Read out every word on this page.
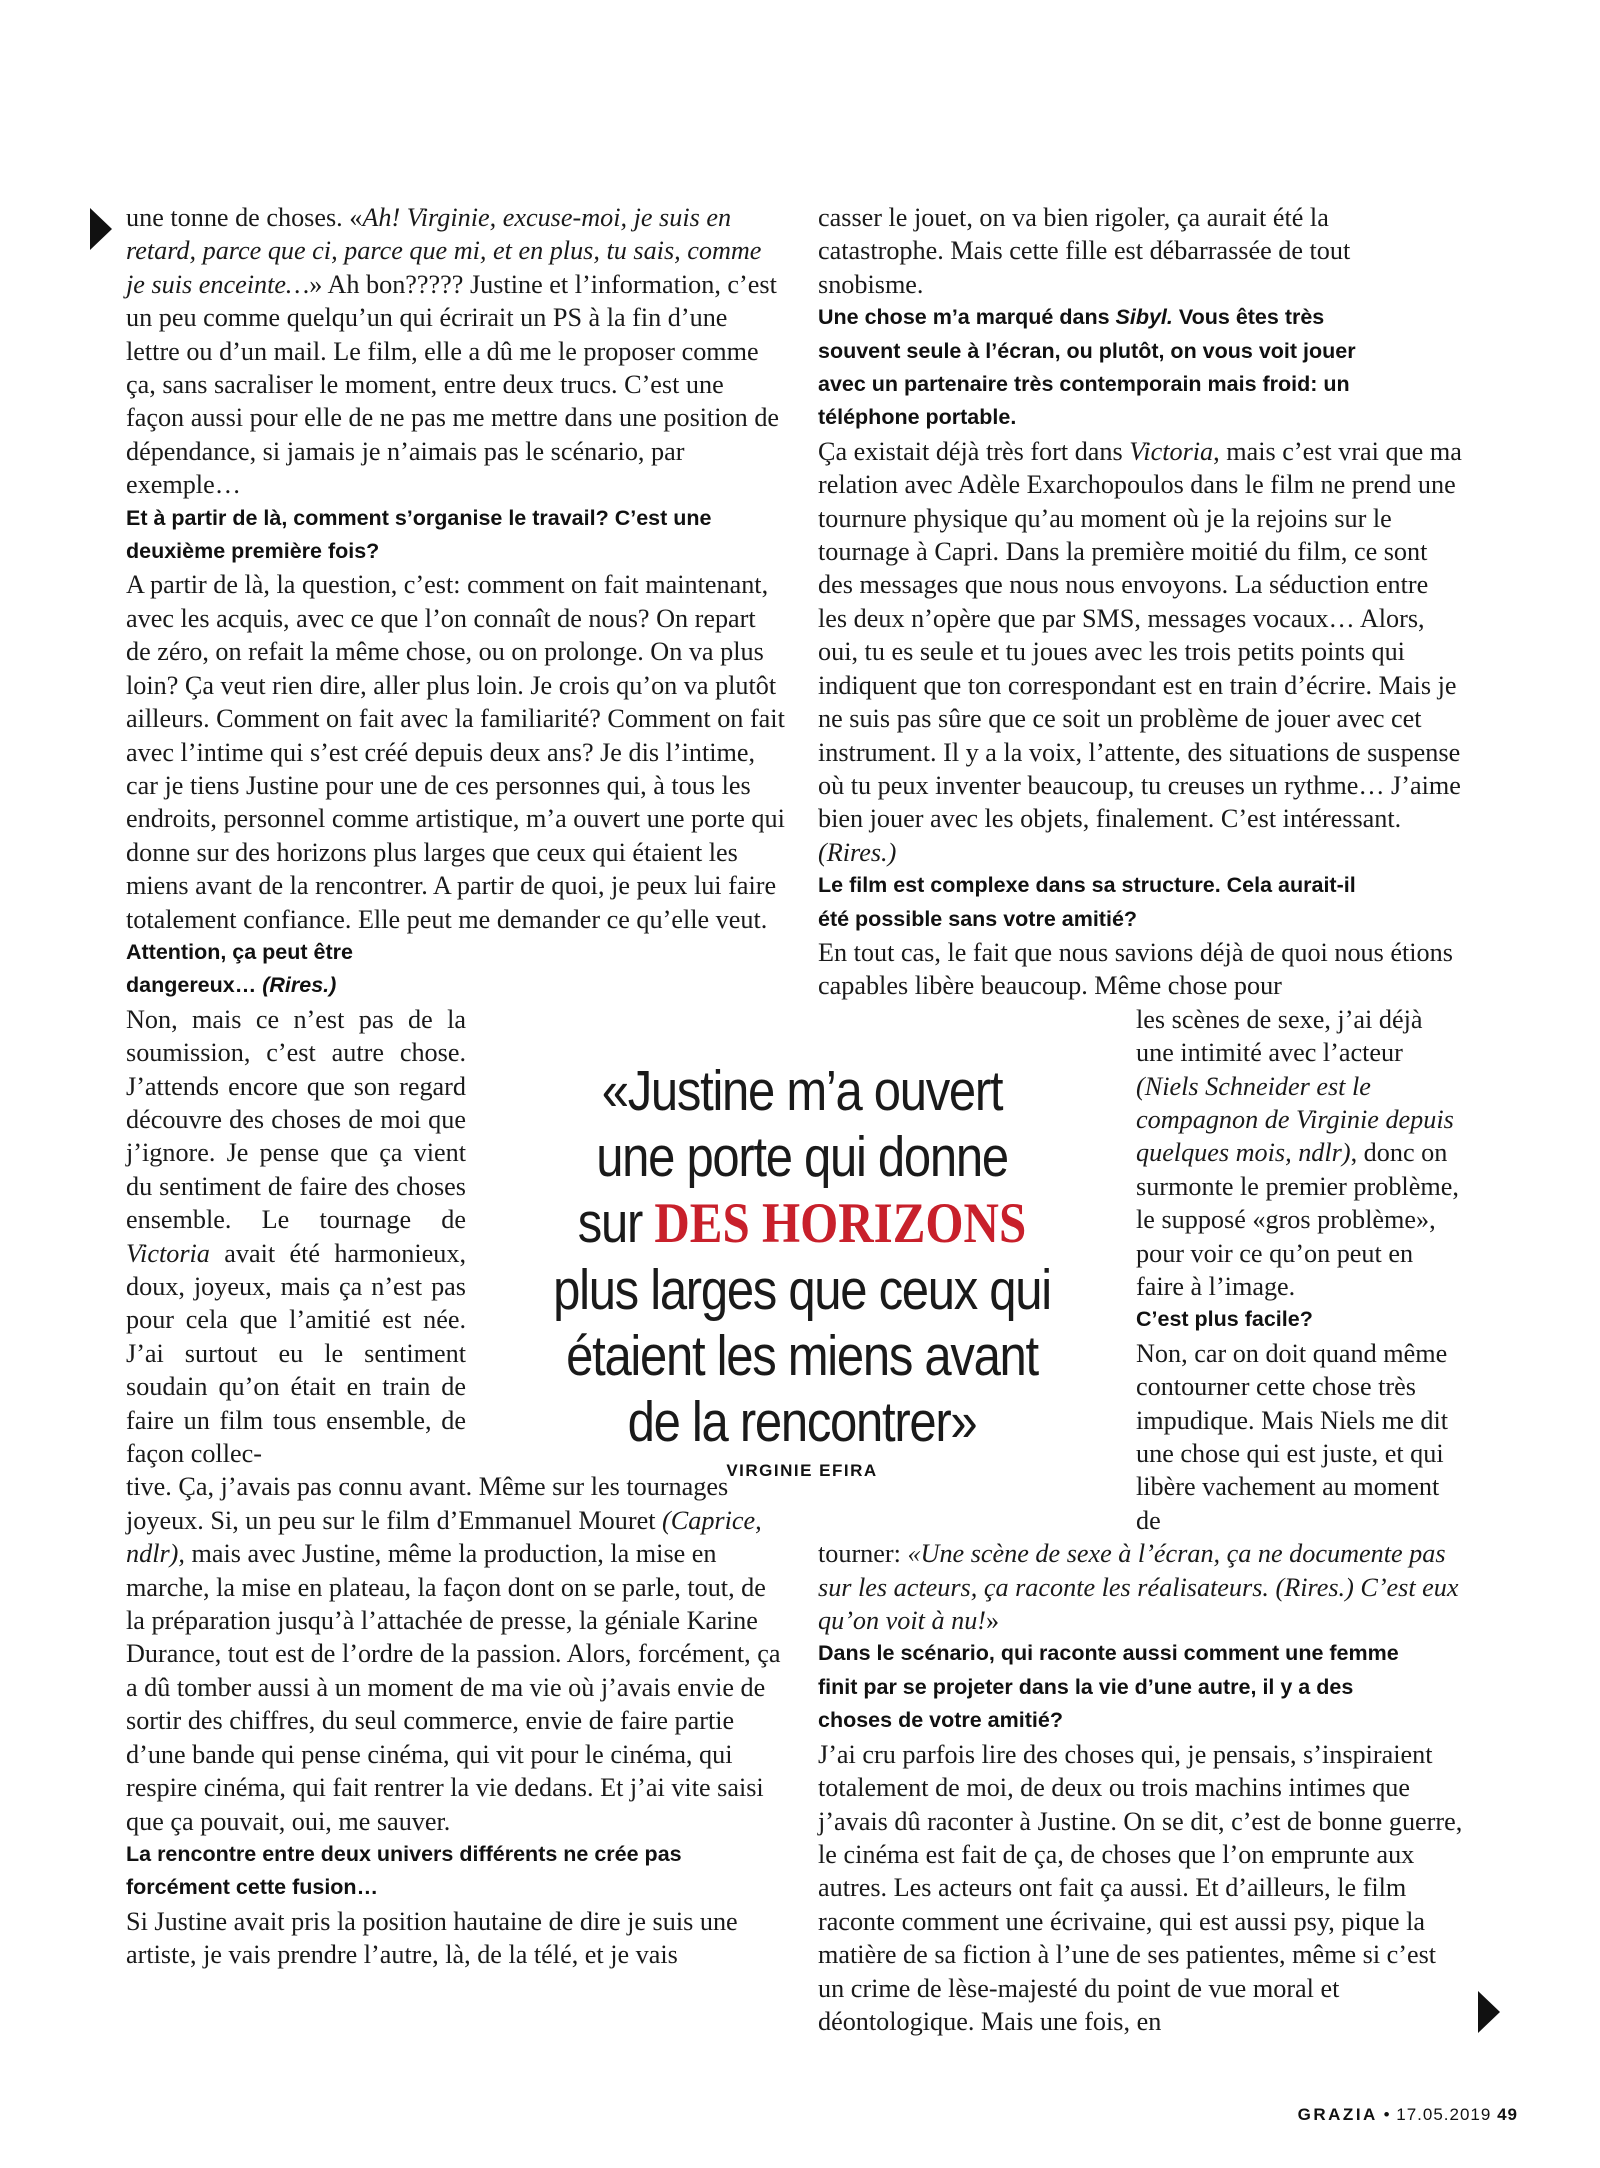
une tonne de choses. «Ah! Virginie, excuse-moi, je suis en retard, parce que ci, parce que mi, et en plus, tu sais, comme je suis enceinte…» Ah bon????? Justine et l’information, c’est un peu comme quelqu’un qui écrirait un PS à la fin d’une lettre ou d’un mail. Le film, elle a dû me le proposer comme ça, sans sacraliser le moment, entre deux trucs. C’est une façon aussi pour elle de ne pas me mettre dans une position de dépendance, si jamais je n’aimais pas le scénario, par exemple…

Et à partir de là, comment s’organise le travail? C’est une deuxième première fois?

A partir de là, la question, c’est: comment on fait maintenant, avec les acquis, avec ce que l’on connaît de nous? On repart de zéro, on refait la même chose, ou on prolonge. On va plus loin? Ça veut rien dire, aller plus loin. Je crois qu’on va plutôt ailleurs. Comment on fait avec la familiarité? Comment on fait avec l’intime qui s’est créé depuis deux ans? Je dis l’intime, car je tiens Justine pour une de ces personnes qui, à tous les endroits, personnel comme artistique, m’a ouvert une porte qui donne sur des horizons plus larges que ceux qui étaient les miens avant de la rencontrer. A partir de quoi, je peux lui faire totalement confiance. Elle peut me demander ce qu’elle veut.

Attention, ça peut être dangereux… (Rires.)

Non, mais ce n’est pas de la soumission, c’est autre chose. J’attends encore que son regard découvre des choses de moi que j’ignore. Je pense que ça vient du sentiment de faire des choses ensemble. Le tournage de Victoria avait été harmonieux, doux, joyeux, mais ça n’est pas pour cela que l’amitié est née. J’ai surtout eu le sentiment soudain qu’on était en train de faire un film tous ensemble, de façon collec-

tive. Ça, j’avais pas connu avant. Même sur les tournages joyeux. Si, un peu sur le film d’Emmanuel Mouret (Caprice, ndlr), mais avec Justine, même la production, la mise en marche, la mise en plateau, la façon dont on se parle, tout, de la préparation jusqu’à l’attachée de presse, la géniale Karine Durance, tout est de l’ordre de la passion. Alors, forcément, ça a dû tomber aussi à un moment de ma vie où j’avais envie de sortir des chiffres, du seul commerce, envie de faire partie d’une bande qui pense cinéma, qui vit pour le cinéma, qui respire cinéma, qui fait rentrer la vie dedans. Et j’ai vite saisi que ça pouvait, oui, me sauver.

La rencontre entre deux univers différents ne crée pas forcément cette fusion…

Si Justine avait pris la position hautaine de dire je suis une artiste, je vais prendre l’autre, là, de la télé, et je vais

casser le jouet, on va bien rigoler, ça aurait été la catastrophe. Mais cette fille est débarrassée de tout snobisme.

Une chose m’a marqué dans Sibyl. Vous êtes très souvent seule à l’écran, ou plutôt, on vous voit jouer avec un partenaire très contemporain mais froid: un téléphone portable.

Ça existait déjà très fort dans Victoria, mais c’est vrai que ma relation avec Adèle Exarchopoulos dans le film ne prend une tournure physique qu’au moment où je la rejoins sur le tournage à Capri. Dans la première moitié du film, ce sont des messages que nous nous envoyons. La séduction entre les deux n’opère que par SMS, messages vocaux… Alors, oui, tu es seule et tu joues avec les trois petits points qui indiquent que ton correspondant est en train d’écrire. Mais je ne suis pas sûre que ce soit un problème de jouer avec cet instrument. Il y a la voix, l’attente, des situations de suspense où tu peux inventer beaucoup, tu creuses un rythme… J’aime bien jouer avec les objets, finalement. C’est intéressant. (Rires.)

Le film est complexe dans sa structure. Cela aurait-il été possible sans votre amitié?

En tout cas, le fait que nous savions déjà de quoi nous étions capables libère beaucoup. Même chose pour

les scènes de sexe, j’ai déjà une intimité avec l’acteur (Niels Schneider est le compagnon de Virginie depuis quelques mois, ndlr), donc on surmonte le premier problème, le supposé «gros problème», pour voir ce qu’on peut en faire à l’image.

C’est plus facile?

Non, car on doit quand même contourner cette chose très impudique. Mais Niels me dit une chose qui est juste, et qui libère vachement au moment de

tourner: «Une scène de sexe à l’écran, ça ne documente pas sur les acteurs, ça raconte les réalisateurs. (Rires.) C’est eux qu’on voit à nu!»

Dans le scénario, qui raconte aussi comment une femme finit par se projeter dans la vie d’une autre, il y a des choses de votre amitié?

J’ai cru parfois lire des choses qui, je pensais, s’inspiraient totalement de moi, de deux ou trois machins intimes que j’avais dû raconter à Justine. On se dit, c’est de bonne guerre, le cinéma est fait de ça, de choses que l’on emprunte aux autres. Les acteurs ont fait ça aussi. Et d’ailleurs, le film raconte comment une écrivaine, qui est aussi psy, pique la matière de sa fiction à l’une de ses patientes, même si c’est un crime de lèse-majesté du point de vue moral et déontologique. Mais une fois, en

«Justine m’a ouvert
une porte qui donne
sur DES HORIZONS
plus larges que ceux qui
étaient les miens avant
de la rencontrer»
VIRGINIE EFIRA
GRAZIA • 17.05.2019 49
